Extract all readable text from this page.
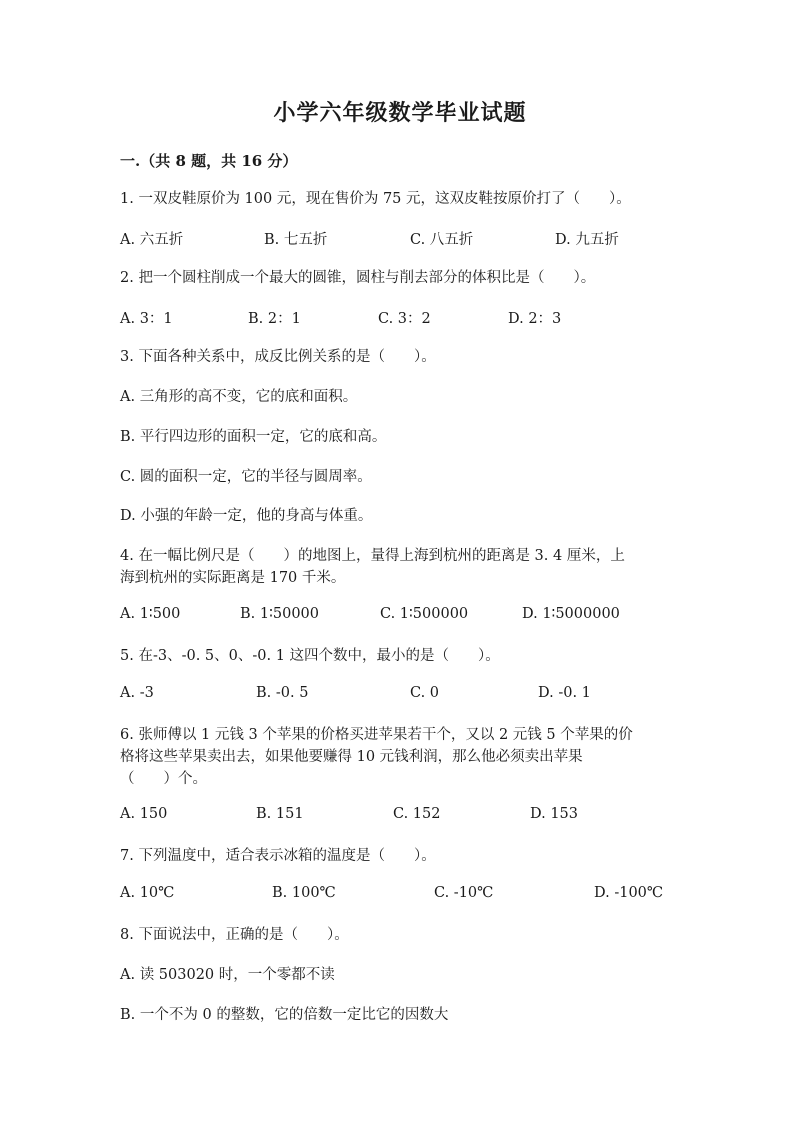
小学六年级数学毕业试题
一.（共 8 题，共 16 分）
1. 一双皮鞋原价为 100 元，现在售价为 75 元，这双皮鞋按原价打了（　　）。
A. 六五折	B. 七五折	C. 八五折	D. 九五折
2. 把一个圆柱削成一个最大的圆锥，圆柱与削去部分的体积比是（　　）。
A. 3：1	B. 2：1	C. 3：2	D. 2：3
3. 下面各种关系中，成反比例关系的是（　　）。
A. 三角形的高不变，它的底和面积。
B. 平行四边形的面积一定，它的底和高。
C. 圆的面积一定，它的半径与圆周率。
D. 小强的年龄一定，他的身高与体重。
4. 在一幅比例尺是（　　）的地图上，量得上海到杭州的距离是 3. 4 厘米，上
海到杭州的实际距离是 170 千米。
A. 1∶500	B. 1∶50000	C. 1∶500000	D. 1∶5000000
5. 在-3、-0. 5、0、-0. 1 这四个数中，最小的是（　　）。
A. -3	B. -0. 5	C. 0	D. -0. 1
6. 张师傅以 1 元钱 3 个苹果的价格买进苹果若干个，又以 2 元钱 5 个苹果的价
格将这些苹果卖出去，如果他要赚得 10 元钱利润，那么他必须卖出苹果
（　　）个。
A. 150	B. 151	C. 152	D. 153
7. 下列温度中，适合表示冰箱的温度是（　　）。
A. 10℃	B. 100℃	C. -10℃	D. -100℃
8. 下面说法中，正确的是（　　）。
A. 读 503020 时，一个零都不读
B. 一个不为 0 的整数，它的倍数一定比它的因数大
